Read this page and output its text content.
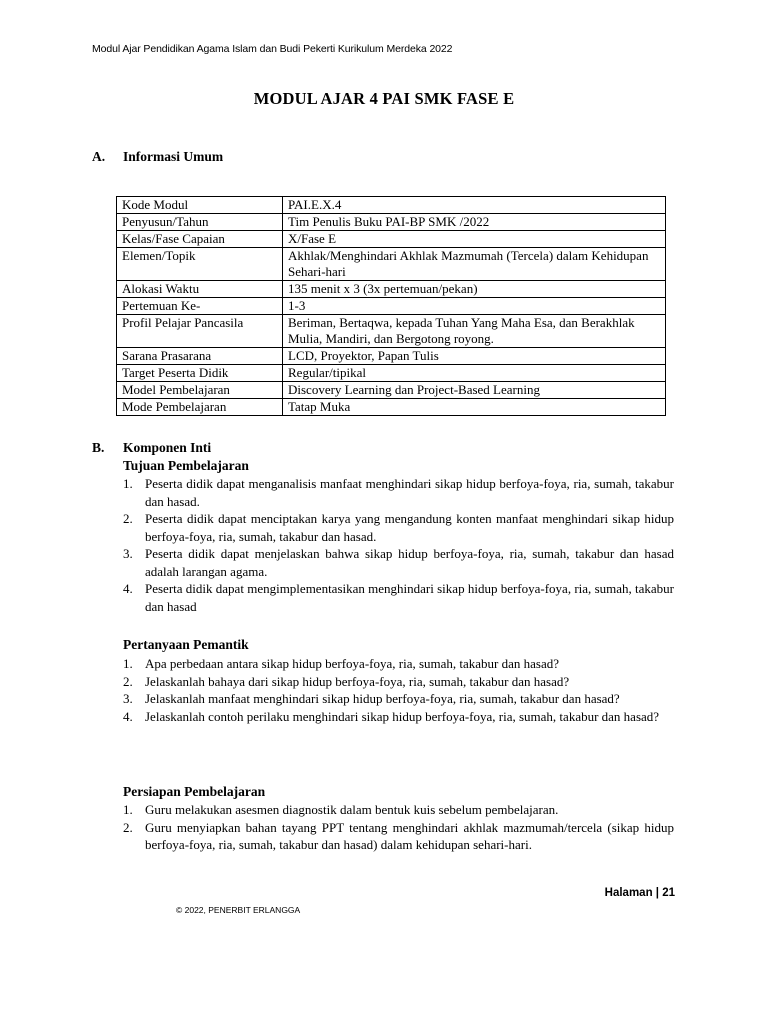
Modul Ajar Pendidikan Agama Islam dan Budi Pekerti Kurikulum Merdeka 2022
MODUL AJAR 4 PAI SMK FASE E
A. Informasi Umum
Kode Modul	PAI.E.X.4
Penyusun/Tahun	Tim Penulis Buku PAI-BP SMK /2022
Kelas/Fase Capaian	X/Fase E
Elemen/Topik	Akhlak/Menghindari Akhlak Mazmumah (Tercela) dalam Kehidupan Sehari-hari
Alokasi Waktu	135 menit x 3 (3x pertemuan/pekan)
Pertemuan Ke-	1-3
Profil Pelajar Pancasila	Beriman, Bertaqwa, kepada Tuhan Yang Maha Esa, dan Berakhlak Mulia, Mandiri, dan Bergotong royong.
Sarana Prasarana	LCD, Proyektor, Papan Tulis
Target Peserta Didik	Regular/tipikal
Model Pembelajaran	Discovery Learning dan Project-Based Learning
Mode Pembelajaran	Tatap Muka
B. Komponen Inti
Tujuan Pembelajaran
1. Peserta didik dapat menganalisis manfaat menghindari sikap hidup berfoya-foya, ria, sumah, takabur dan hasad.
2. Peserta didik dapat menciptakan karya yang mengandung konten manfaat menghindari sikap hidup berfoya-foya, ria, sumah, takabur dan hasad.
3. Peserta didik dapat menjelaskan bahwa sikap hidup berfoya-foya, ria, sumah, takabur dan hasad adalah larangan agama.
4. Peserta didik dapat mengimplementasikan menghindari sikap hidup berfoya-foya, ria, sumah, takabur dan hasad
Pertanyaan Pemantik
1. Apa perbedaan antara sikap hidup berfoya-foya, ria, sumah, takabur dan hasad?
2. Jelaskanlah bahaya dari sikap hidup berfoya-foya, ria, sumah, takabur dan hasad?
3. Jelaskanlah manfaat menghindari sikap hidup berfoya-foya, ria, sumah, takabur dan hasad?
4. Jelaskanlah contoh perilaku menghindari sikap hidup berfoya-foya, ria, sumah, takabur dan hasad?
Persiapan Pembelajaran
1. Guru melakukan asesmen diagnostik dalam bentuk kuis sebelum pembelajaran.
2. Guru menyiapkan bahan tayang PPT tentang menghindari akhlak mazmumah/tercela (sikap hidup berfoya-foya, ria, sumah, takabur dan hasad) dalam kehidupan sehari-hari.
Halaman | 21
© 2022, PENERBIT ERLANGGA
